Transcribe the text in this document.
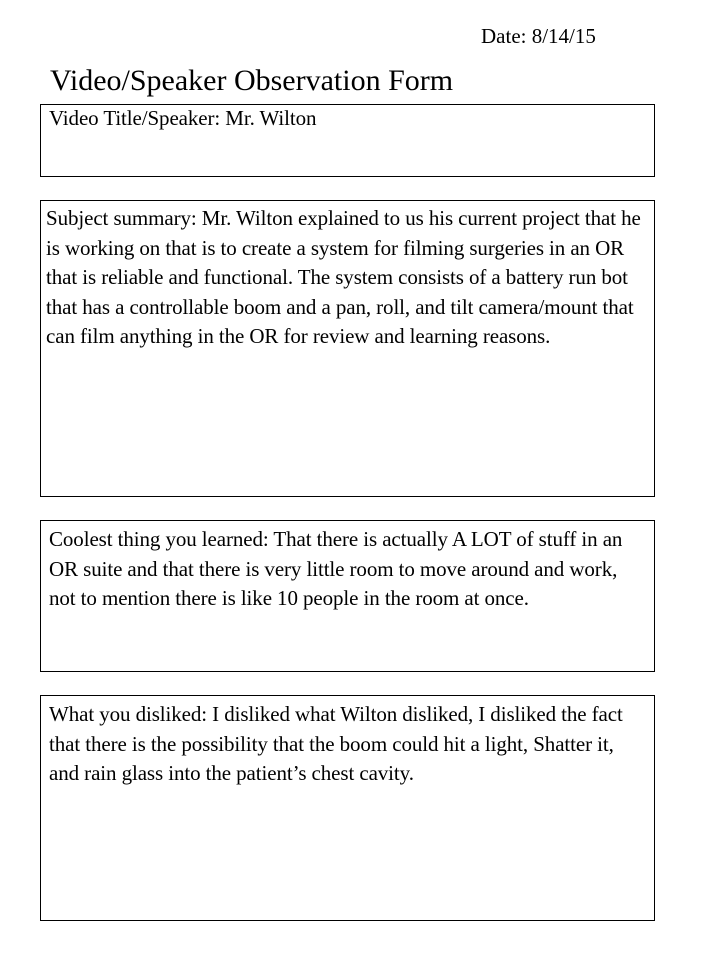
Date: 8/14/15
Video/Speaker Observation Form

Video Title/Speaker: Mr. Wilton

Subject summary: Mr. Wilton explained to us his current project that he is working on that is to create a system for filming surgeries in an OR that is reliable and functional. The system consists of a battery run bot that has a controllable boom and a pan, roll, and tilt camera/mount that can film anything in the OR for review and learning reasons.

Coolest thing you learned: That there is actually A LOT of stuff in an OR suite and that there is very little room to move around and work, not to mention there is like 10 people in the room at once.

What you disliked: I disliked what Wilton disliked, I disliked the fact that there is the possibility that the boom could hit a light, Shatter it, and rain glass into the patient’s chest cavity.
